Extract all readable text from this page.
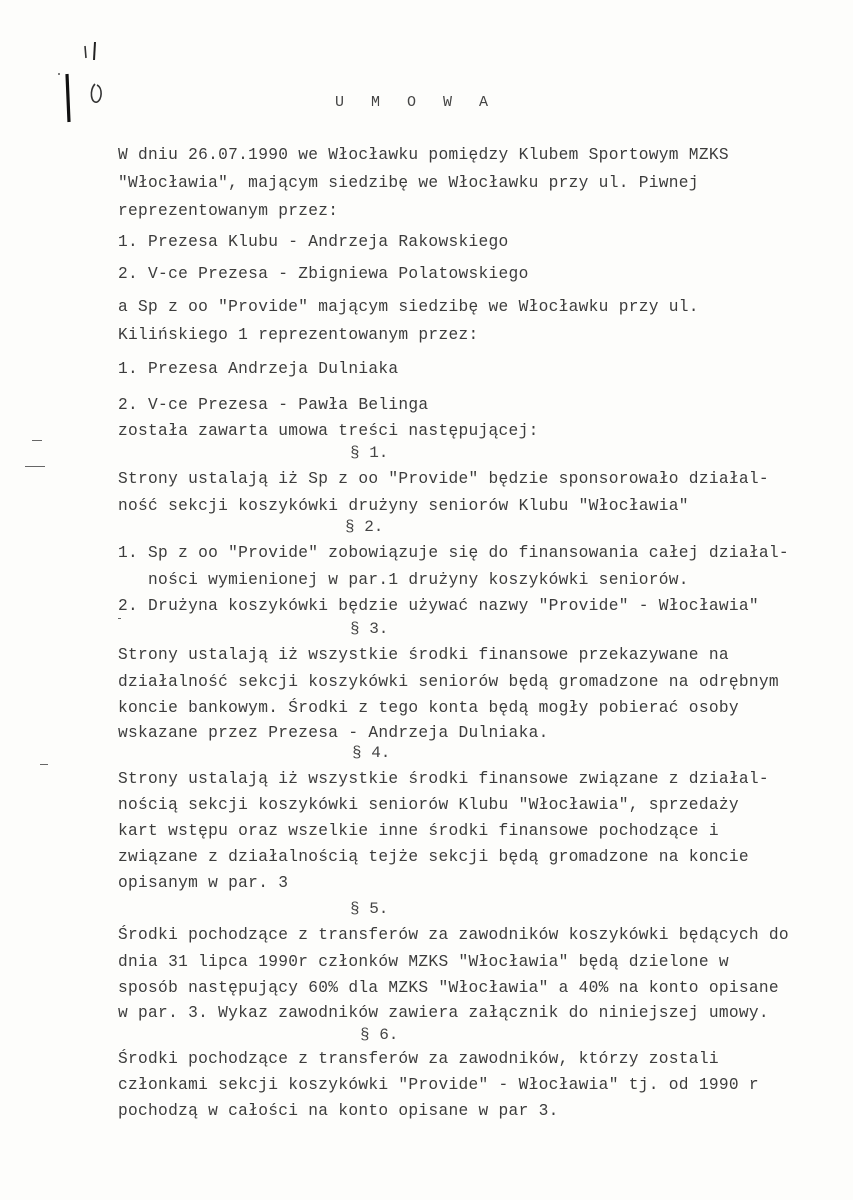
U M O W A
W dniu 26.07.1990 we Włocławku pomiędzy Klubem Sportowym MZKS
"Włocławia", mającym siedzibę we Włocławku przy ul. Piwnej
reprezentowanym przez:
1. Prezesa Klubu - Andrzeja Rakowskiego
2. V-ce Prezesa - Zbigniewa Polatowskiego
a Sp z oo "Provide" mającym siedzibę we Włocławku przy ul.
Kilińskiego 1 reprezentowanym przez:
1. Prezesa Andrzeja Dulniaka
2. V-ce Prezesa - Pawła Belinga
została zawarta umowa treści następującej:
§ 1.
Strony ustalają iż Sp z oo "Provide" będzie sponsorowało działal-
ność sekcji koszykówki drużyny seniorów Klubu "Włocławia"
§ 2.
1. Sp z oo "Provide" zobowiązuje się do finansowania całej działal-
ności wymienionej w par.1 drużyny koszykówki seniorów.
2. Drużyna koszykówki będzie używać nazwy "Provide" - Włocławia"
§ 3.
Strony ustalają iż wszystkie środki finansowe przekazywane na
działalność sekcji koszykówki seniorów będą gromadzone na odrębnym
koncie bankowym. Środki z tego konta będą mogły pobierać osoby
wskazane przez Prezesa - Andrzeja Dulniaka.
§ 4.
Strony ustalają iż wszystkie środki finansowe związane z działal-
nością sekcji koszykówki seniorów Klubu "Włocławia", sprzedaży
kart wstępu oraz wszelkie inne środki finansowe pochodzące i
związane z działalnością tejże sekcji będą gromadzone na koncie
opisanym w par. 3
§ 5.
Środki pochodzące z transferów za zawodników koszykówki będących do
dnia 31 lipca 1990r członków MZKS "Włocławia" będą dzielone w
sposób następujący 60% dla MZKS "Włocławia" a 40% na konto opisane
w par. 3. Wykaz zawodników zawiera załącznik do niniejszej umowy.
§ 6.
Środki pochodzące z transferów za zawodników, którzy zostali
członkami sekcji koszykówki "Provide" - Włocławia" tj. od 1990 r
pochodzą w całości na konto opisane w par 3.
